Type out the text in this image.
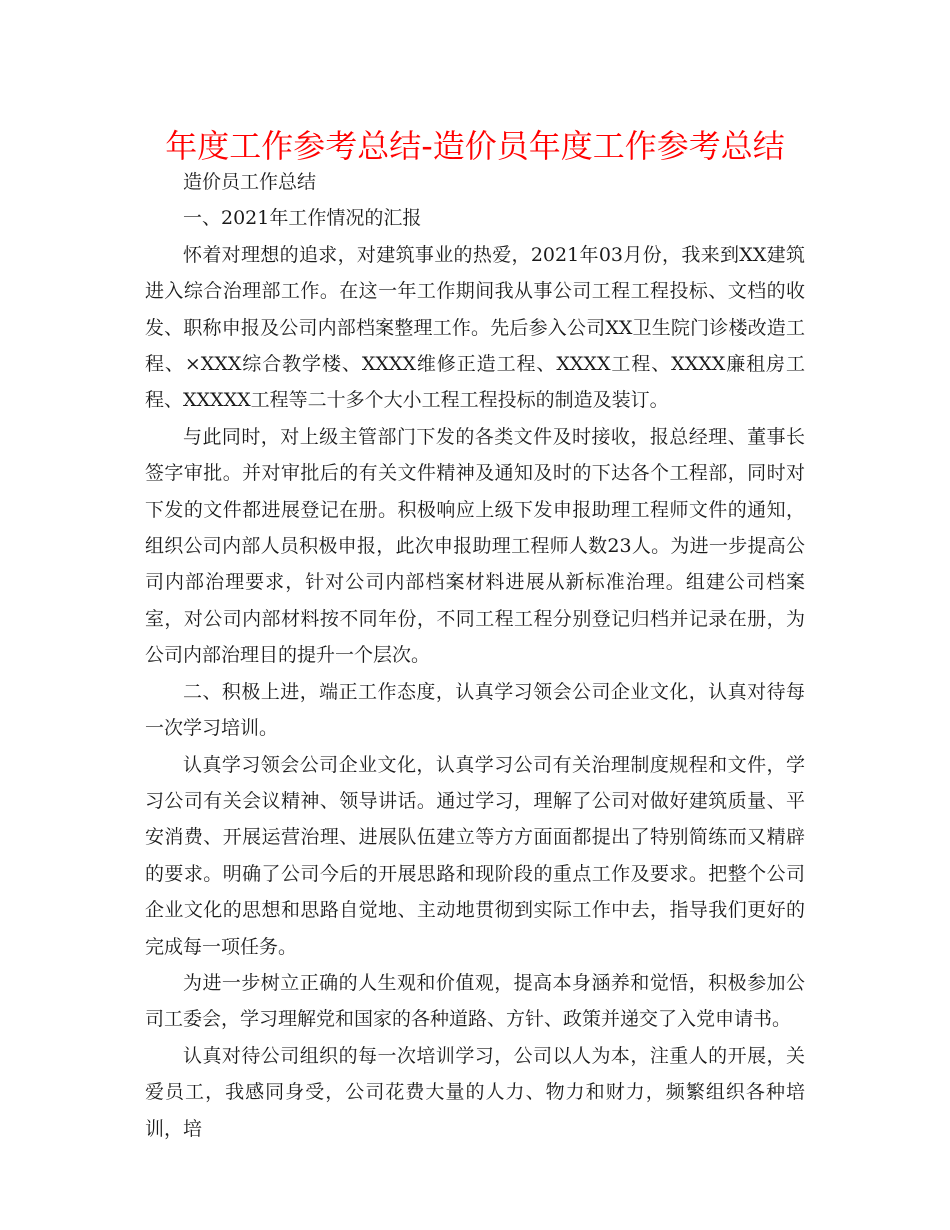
年度工作参考总结-造价员年度工作参考总结

造价员工作总结

一、2021年工作情况的汇报

怀着对理想的追求，对建筑事业的热爱，2021年03月份，我来到XX建筑进入综合治理部工作。在这一年工作期间我从事公司工程工程投标、文档的收发、职称申报及公司内部档案整理工作。先后参入公司XX卫生院门诊楼改造工程、×XXX综合教学楼、XXXX维修正造工程、XXXX工程、XXXX廉租房工程、XXXXX工程等二十多个大小工程工程投标的制造及装订。

与此同时，对上级主管部门下发的各类文件及时接收，报总经理、董事长签字审批。并对审批后的有关文件精神及通知及时的下达各个工程部，同时对下发的文件都进展登记在册。积极响应上级下发申报助理工程师文件的通知，组织公司内部人员积极申报，此次申报助理工程师人数23人。为进一步提高公司内部治理要求，针对公司内部档案材料进展从新标准治理。组建公司档案室，对公司内部材料按不同年份，不同工程工程分别登记归档并记录在册，为公司内部治理目的提升一个层次。

二、积极上进，端正工作态度，认真学习领会公司企业文化，认真对待每一次学习培训。

认真学习领会公司企业文化，认真学习公司有关治理制度规程和文件，学习公司有关会议精神、领导讲话。通过学习，理解了公司对做好建筑质量、平安消费、开展运营治理、进展队伍建立等方方面面都提出了特别简练而又精辟的要求。明确了公司今后的开展思路和现阶段的重点工作及要求。把整个公司企业文化的思想和思路自觉地、主动地贯彻到实际工作中去，指导我们更好的完成每一项任务。

为进一步树立正确的人生观和价值观，提高本身涵养和觉悟，积极参加公司工委会，学习理解党和国家的各种道路、方针、政策并递交了入党申请书。

认真对待公司组织的每一次培训学习，公司以人为本，注重人的开展，关爱员工，我感同身受，公司花费大量的人力、物力和财力，频繁组织各种培训，培
